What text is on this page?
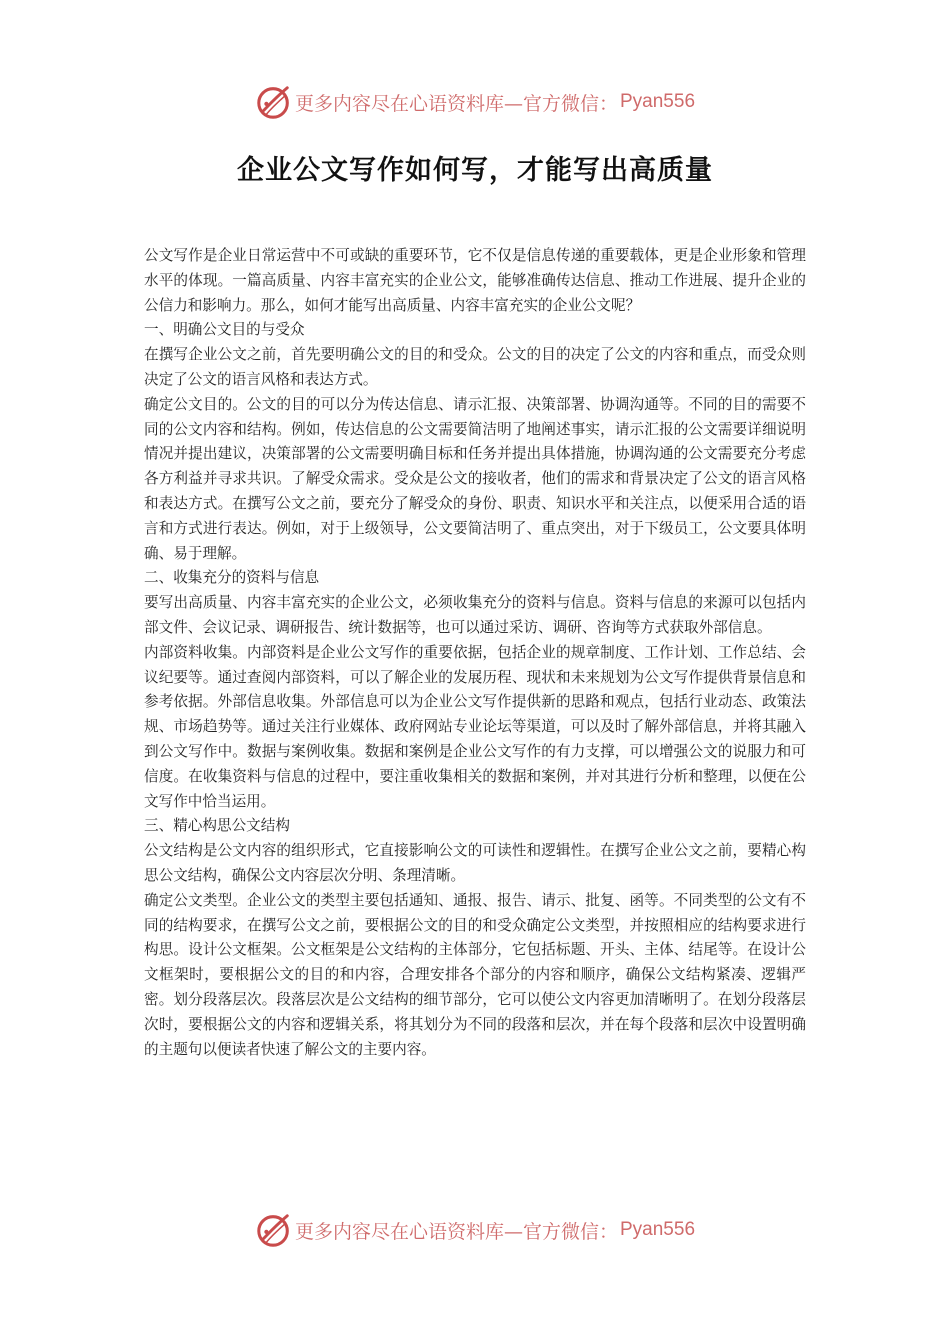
更多内容尽在心语资料库—官方微信： Pyan556
企业公文写作如何写，才能写出高质量

公文写作是企业日常运营中不可或缺的重要环节，它不仅是信息传递的重要载体，更是企业形象和管理水平的体现。一篇高质量、内容丰富充实的企业公文，能够准确传达信息、推动工作进展、提升企业的公信力和影响力。那么，如何才能写出高质量、内容丰富充实的企业公文呢？

一、明确公文目的与受众

在撰写企业公文之前，首先要明确公文的目的和受众。公文的目的决定了公文的内容和重点，而受众则决定了公文的语言风格和表达方式。

确定公文目的。公文的目的可以分为传达信息、请示汇报、决策部署、协调沟通等。不同的目的需要不同的公文内容和结构。例如，传达信息的公文需要简洁明了地阐述事实，请示汇报的公文需要详细说明情况并提出建议，决策部署的公文需要明确目标和任务并提出具体措施，协调沟通的公文需要充分考虑各方利益并寻求共识。了解受众需求。受众是公文的接收者，他们的需求和背景决定了公文的语言风格和表达方式。在撰写公文之前，要充分了解受众的身份、职责、知识水平和关注点，以便采用合适的语言和方式进行表达。例如，对于上级领导，公文要简洁明了、重点突出，对于下级员工，公文要具体明确、易于理解。

二、收集充分的资料与信息

要写出高质量、内容丰富充实的企业公文，必须收集充分的资料与信息。资料与信息的来源可以包括内部文件、会议记录、调研报告、统计数据等，也可以通过采访、调研、咨询等方式获取外部信息。

内部资料收集。内部资料是企业公文写作的重要依据，包括企业的规章制度、工作计划、工作总结、会议纪要等。通过查阅内部资料，可以了解企业的发展历程、现状和未来规划为公文写作提供背景信息和参考依据。外部信息收集。外部信息可以为企业公文写作提供新的思路和观点，包括行业动态、政策法规、市场趋势等。通过关注行业媒体、政府网站专业论坛等渠道，可以及时了解外部信息，并将其融入到公文写作中。数据与案例收集。数据和案例是企业公文写作的有力支撑，可以增强公文的说服力和可信度。在收集资料与信息的过程中，要注重收集相关的数据和案例，并对其进行分析和整理，以便在公文写作中恰当运用。

三、精心构思公文结构

公文结构是公文内容的组织形式，它直接影响公文的可读性和逻辑性。在撰写企业公文之前，要精心构思公文结构，确保公文内容层次分明、条理清晰。

确定公文类型。企业公文的类型主要包括通知、通报、报告、请示、批复、函等。不同类型的公文有不同的结构要求，在撰写公文之前，要根据公文的目的和受众确定公文类型，并按照相应的结构要求进行构思。设计公文框架。公文框架是公文结构的主体部分，它包括标题、开头、主体、结尾等。在设计公文框架时，要根据公文的目的和内容，合理安排各个部分的内容和顺序，确保公文结构紧凑、逻辑严密。划分段落层次。段落层次是公文结构的细节部分，它可以使公文内容更加清晰明了。在划分段落层次时，要根据公文的内容和逻辑关系，将其划分为不同的段落和层次，并在每个段落和层次中设置明确的主题句以便读者快速了解公文的主要内容。

更多内容尽在心语资料库—官方微信： Pyan556
